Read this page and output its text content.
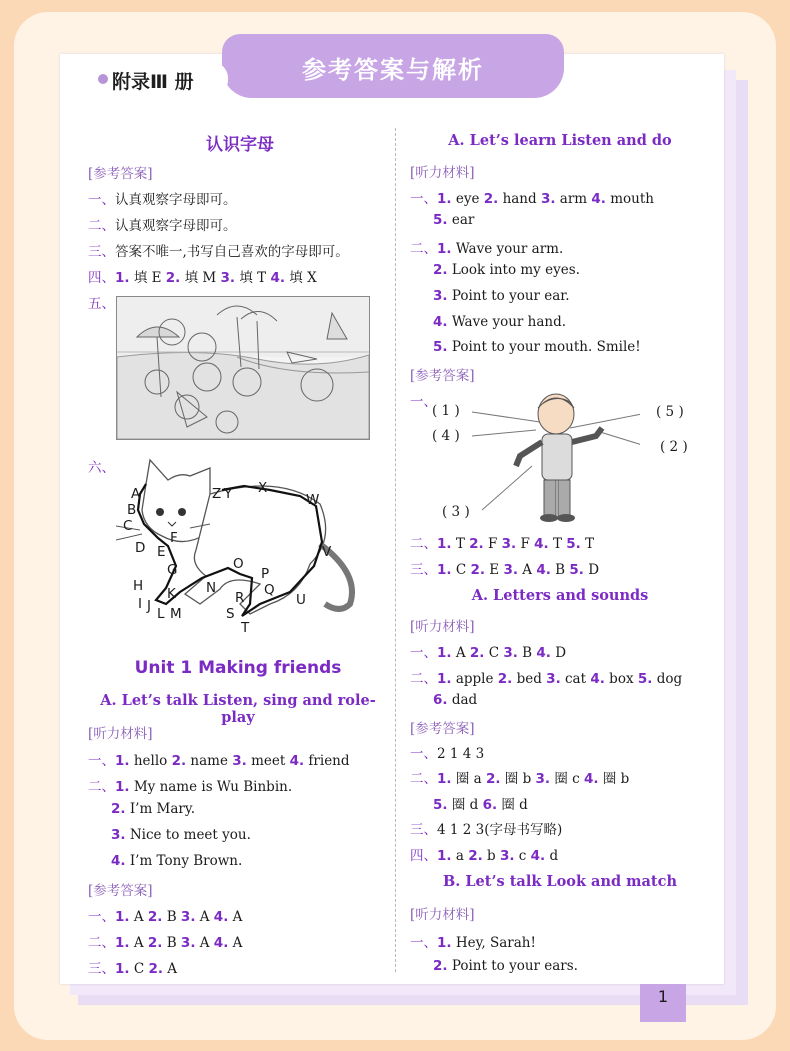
参考答案与解析
附录Ⅲ 册
认识字母
[参考答案]
一、认真观察字母即可。
二、认真观察字母即可。
三、答案不唯一,书写自己喜欢的字母即可。
四、1. 填 E 2. 填 M 3. 填 T 4. 填 X
五、
六、
A
B
C
D E
F
G
H
I J
K
L M
N
O
P
Q
R
S
T
U
V
W
X
Y
Z
Unit 1 Making friends
A. Let’s talk Listen, sing and role-play
[听力材料]
一、1. hello 2. name 3. meet 4. friend
二、1. My name is Wu Binbin.
2. I’m Mary.
3. Nice to meet you.
4. I’m Tony Brown.
[参考答案]
一、1. A 2. B 3. A 4. A
二、1. A 2. B 3. A 4. A
三、1. C 2. A
A. Let’s learn Listen and do
[听力材料]
一、1. eye 2. hand 3. arm 4. mouth
5. ear
二、1. Wave your arm.
2. Look into my eyes.
3. Point to your ear.
4. Wave your hand.
5. Point to your mouth. Smile!
[参考答案]
一、
( 1 )
( 4 )
( 5 )
( 2 )
( 3 )
二、1. T 2. F 3. F 4. T 5. T
三、1. C 2. E 3. A 4. B 5. D
A. Letters and sounds
[听力材料]
一、1. A 2. C 3. B 4. D
二、1. apple 2. bed 3. cat 4. box 5. dog
6. dad
[参考答案]
一、2 1 4 3
二、1. 圈 a 2. 圈 b 3. 圈 c 4. 圈 b
5. 圈 d 6. 圈 d
三、4 1 2 3(字母书写略)
四、1. a 2. b 3. c 4. d
B. Let’s talk Look and match
[听力材料]
一、1. Hey, Sarah!
2. Point to your ears.
1
